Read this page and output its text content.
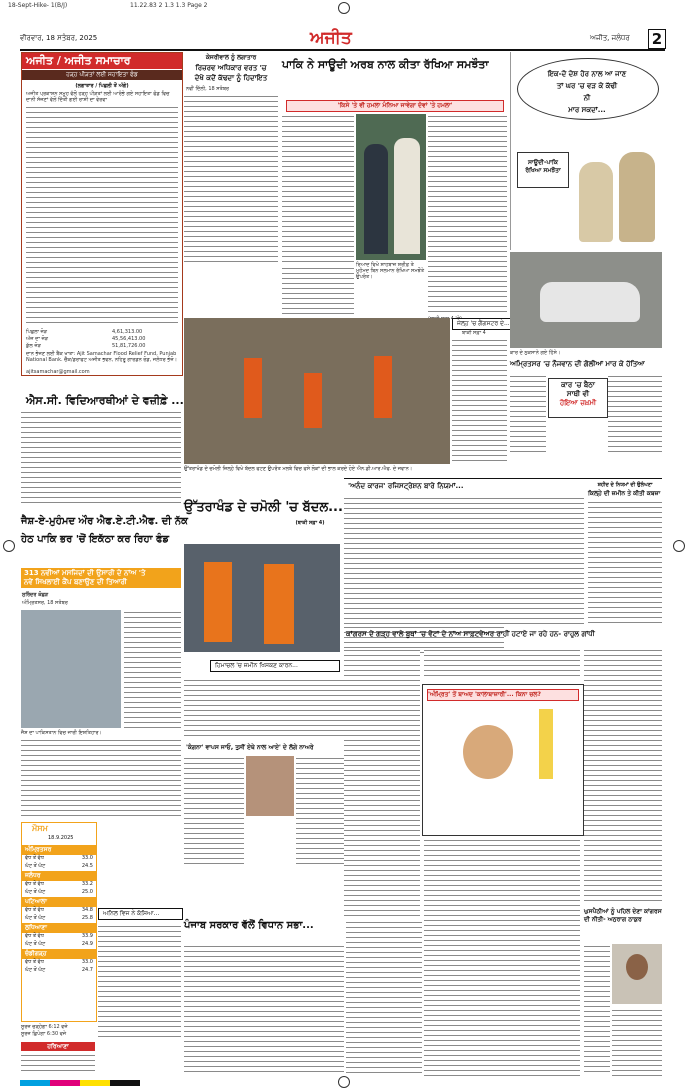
18-Sept-Hike- 1(B/J)	11.22.83 2 1.3 1.3 Page 2
ਵੀਰਵਾਰ, 18 ਸਤੰਬਰ, 2025	ਅਜੀਤ	ਅਜੀਤ, ਜਲੰਧਰ 2
ਅਜੀਤ / ਅਜੀਤ ਸਮਾਚਾਰ
ਹੜ੍ਹ ਪੀੜਤਾਂ ਲਈ ਸਹਾਇਤਾ ਫੰਡ
(ਲਗਾਤਾਰ / ਪਿਛਲੀ ਤੋਂ ਅੱਗੇ)
ਅਜੀਤ ਪ੍ਰਕਾਸ਼ਨ ਸਮੂਹ ਵੱਲੋਂ ਹੜ੍ਹ ਪੀੜਤਾਂ ਲਈ ਆਰੰਭੇ ਗਏ ਸਹਾਇਤਾ ਫੰਡ ਵਿਚ
ਦਾਨੀ ਸੱਜਣਾਂ ਵੱਲੋਂ ਦਿੱਤੀ ਗਈ ਰਾਸ਼ੀ ਦਾ ਵੇਰਵਾ
ਪਿਛਲਾ ਜੋੜ	4,61,313.00
ਅੱਜ ਦਾ ਜੋੜ	45,56,413.00
ਕੁੱਲ ਜੋੜ	51,81,726.00
ਦਾਨ ਭੇਜਣ ਲਈ ਬੈਂਕ ਖਾਤਾ: Ajit Samachar Flood Relief Fund, Punjab National Bank. ਚੈੱਕ/ਡਰਾਫਟ ਅਜੀਤ ਭਵਨ, ਨਹਿਰੂ ਗਾਰਡਨ ਰੋਡ, ਜਲੰਧਰ ਭੇਜੋ।
ajitsamachar@gmail.com
ਐਸ.ਸੀ. ਵਿਦਿਆਰਥੀਆਂ ਦੇ ਵਜ਼ੀਫ਼ੇ ...
ਜੈਸ਼-ਏ-ਮੁਹੰਮਦ ਔਰ ਐਫ.ਏ.ਟੀ.ਐਫ. ਦੀ ਨੱਕ
ਹੇਠ ਪਾਕਿ ਭਰ 'ਚੋਂ ਇਕੱਠਾ ਕਰ ਰਿਹਾ ਫੰਡ
313 ਨਵੀਆਂ ਮਸਜਿਦਾਂ ਦੀ ਉਸਾਰੀ ਦੇ ਨਾਂਅ 'ਤੇ
ਨਵੇਂ ਸਿਖਲਾਈ ਕੈਂਪ ਬਣਾਉਣ ਦੀ ਤਿਆਰੀ
ਸੁਰਿੰਦਰ ਕੋਛੜ
ਅੰਮ੍ਰਿਤਸਰ, 18 ਸਤੰਬਰ
ਜੈਸ਼ ਦਾ ਪਾਕਿਸਤਾਨ ਵਿਚ ਜਾਰੀ ਇਸ਼ਤਿਹਾਰ।
ਮੌਸਮ
18.9.2025
ਅੰਮ੍ਰਿਤਸਰ
ਵੱਧ ਤੋਂ ਵੱਧ	33.0
ਘੱਟ ਤੋਂ ਘੱਟ	24.5
ਜਲੰਧਰ
ਵੱਧ ਤੋਂ ਵੱਧ	33.2
ਘੱਟ ਤੋਂ ਘੱਟ	25.0
ਪਟਿਆਲਾ
ਵੱਧ ਤੋਂ ਵੱਧ	34.8
ਘੱਟ ਤੋਂ ਘੱਟ	25.8
ਲੁਧਿਆਣਾ
ਵੱਧ ਤੋਂ ਵੱਧ	33.9
ਘੱਟ ਤੋਂ ਘੱਟ	24.9
ਚੰਡੀਗੜ੍ਹ
ਵੱਧ ਤੋਂ ਵੱਧ	33.0
ਘੱਟ ਤੋਂ ਘੱਟ	24.7
ਸੂਰਜ ਚੜ੍ਹੇਗਾ 6:12 ਵਜੇ
ਸੂਰਜ ਛਿਪੇਗਾ 6:30 ਵਜੇ
ਅਨਿਲ ਵਿਜ ਨੇ ਕੱਸਿਆ...
ਹਰਿਆਣਾ
ਕੇਜਰੀਵਾਲ ਨੂੰ ਲਗਾਤਾਰ
ਰਿਜ਼ਰਵ ਅਧਿਕਾਰ ਵਰਤ 'ਚ
ਦੇਖੋ ਕਦੋਂ ਕੱਢਦਾ ਨੂੰ ਹਿਦਾਇਤ
ਨਵੀਂ ਦਿੱਲੀ, 18 ਸਤੰਬਰ
ਪਾਕਿ ਨੇ ਸਾਊਦੀ ਅਰਬ ਨਾਲ ਕੀਤਾ ਰੱਖਿਆ ਸਮਝੌਤਾ
'ਕਿਸੇ 'ਤੇ ਵੀ ਹਮਲਾ ਮੰਨਿਆ ਜਾਵੇਗਾ ਦੋਵਾਂ 'ਤੇ ਹਮਲਾ'
ਰਿਆਦ ਵਿਖੇ ਸ਼ਾਹਬਾਜ਼ ਸ਼ਰੀਫ਼ ਤੇ ਮੁਹੰਮਦ ਬਿਨ ਸਲਮਾਨ ਰੱਖਿਆ ਸਮਝੌਤੇ ਉਪਰੰਤ।
ਜੇਲ੍ਹ 'ਚ ਗੈਂਗਸਟਰ ਦੇ...
ਬਾਕੀ ਸਫ਼ਾ 4
ਉੱਤਰਾਖੰਡ ਦੇ ਚਮੋਲੀ ਜ਼ਿਲ੍ਹੇ ਵਿਖੇ ਬੱਦਲ ਫਟਣ ਉਪਰੰਤ ਮਲਬੇ ਵਿਚ ਫਸੇ ਲੋਕਾਂ ਦੀ ਭਾਲ ਕਰਦੇ ਹੋਏ ਐਨ.ਡੀ.ਆਰ.ਐਫ. ਦੇ ਜਵਾਨ।
ਉੱਤਰਾਖੰਡ ਦੇ ਚਮੋਲੀ 'ਚ ਬੱਦਲ...
(ਬਾਕੀ ਸਫ਼ਾ 4)
ਹਿਮਾਚਲ 'ਚ ਜ਼ਮੀਨ ਖਿਸਕਣ ਕਾਰਨ...
'ਕੰਗਨਾ' ਵਾਪਸ ਜਾਓ, ਤੁਸੀਂ ਏਥੇ ਨਾਲ ਆਏ' ਦੇ ਲੱਗੇ ਨਾਅਰੇ
ਪੰਜਾਬ ਸਰਕਾਰ ਵੱਲੋਂ ਵਿਧਾਨ ਸਭਾ...
ਇਕ-ਦੋ ਦੇਸ਼ ਹੋਰ ਨਾਲ ਆ ਜਾਣ
ਤਾਂ ਘਰ 'ਚ ਵੜ ਕੇ ਕੱਢੀ
ਨੀ
ਮਾਰ ਸਕਦਾਂ...
ਸਾਊਦੀ-ਪਾਕਿ
ਰੱਖਿਆ ਸਮਝੌਤਾ
ਕਾਰ ਦੇ ਨੁਕਸਾਨੇ ਗਏ ਹਿੱਸੇ।
ਅਮ੍ਰਿਤਸਰ 'ਚ ਨੌਜਵਾਨ ਦੀ ਗੋਲੀਆਂ ਮਾਰ ਕੇ ਹੱਤਿਆ
ਕਾਰ 'ਚ ਬੈਠਾ
ਸਾਥੀ ਵੀ
ਹੋਇਆ ਜ਼ਖ਼ਮੀ
'ਅਨੰਦ ਕਾਰਜ' ਰਜਿਸਟ੍ਰੇਸ਼ਨ ਬਾਰੇ ਨਿਯਮਾਂ...	ਸ਼ਹੀਦ ਦੇ ਨਿਯਮਾਂ ਦੀ ਉਲੰਘਣਾ
ਕਿਲ੍ਹੇ ਦੀ ਜ਼ਮੀਨ ਤੇ ਕੀਤੀ ਕਬਜ਼ਾ
ਕਾਂਗਰਸ ਦੇ ਗੜ੍ਹ ਵਾਲੇ ਬੂਥਾਂ 'ਚ ਵੋਟਾਂ ਦੇ ਨਾਂਅ ਸਾਫ਼ਟਵੇਅਰ ਰਾਹੀਂ ਹਟਾਏ ਜਾ ਰਹੇ ਹਨ- ਰਾਹੁਲ ਗਾਂਧੀ
'ਅੰਮ੍ਰਿਤ' ਤੋਂ ਬਾਅਦ 'ਕਾਲਾਬਾਜ਼ਾਰੀ'... ਕਿਨਾ ਚਲ?
ਘੁਸਪੈਠੀਆਂ ਨੂੰ ਪਹਿਲ ਦੇਣਾ ਕਾਂਗਰਸ
ਦੀ ਨੀਤੀ- ਅਨੁਰਾਗ ਠਾਕੁਰ
